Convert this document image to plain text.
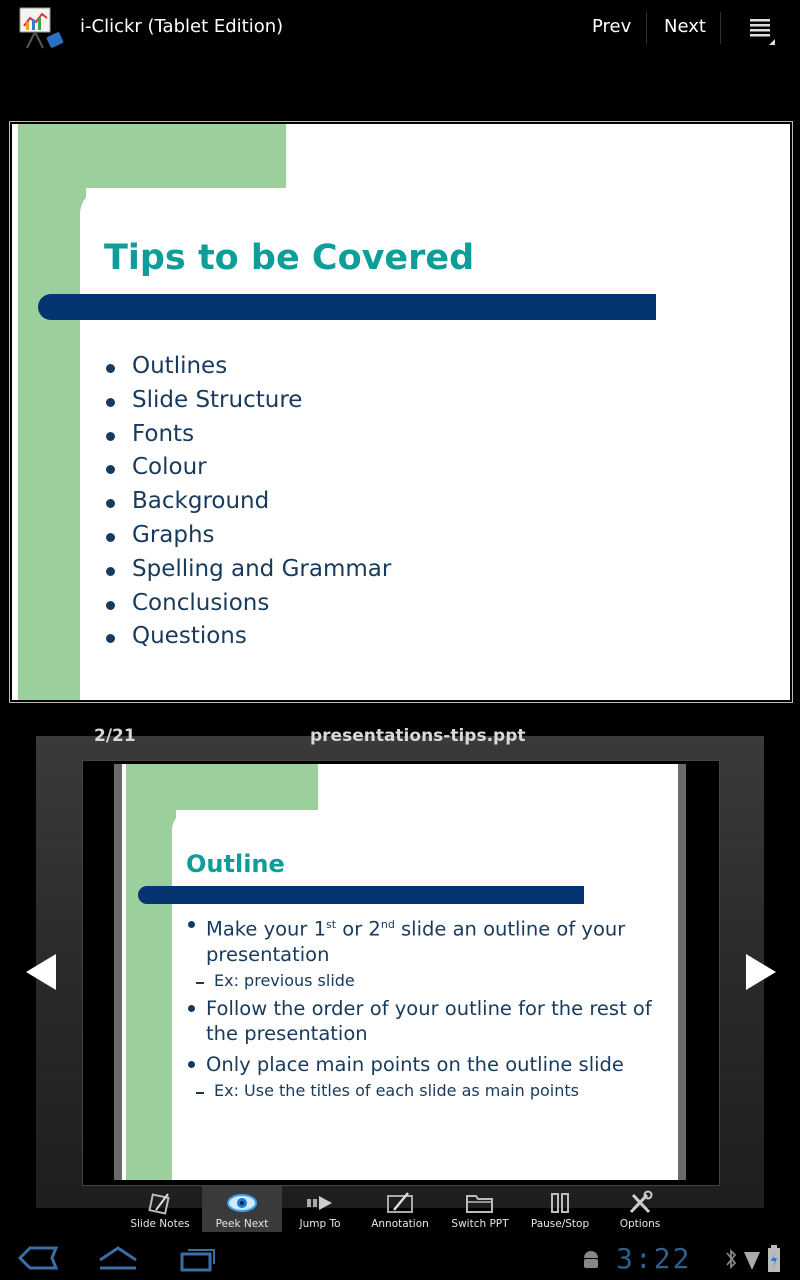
i-Clickr (Tablet Edition)	Prev Next
Tips to be Covered
Outlines
Slide Structure
Fonts
Colour
Background
Graphs
Spelling and Grammar
Conclusions
Questions
2/21	presentations-tips.ppt
Outline
Make your 1st or 2nd slide an outline of your presentation
Ex: previous slide
Follow the order of your outline for the rest of the presentation
Only place main points on the outline slide
Ex: Use the titles of each slide as main points
Slide Notes	Peek Next	Jump To	Annotation	Switch PPT	Pause/Stop	Options
3:22
